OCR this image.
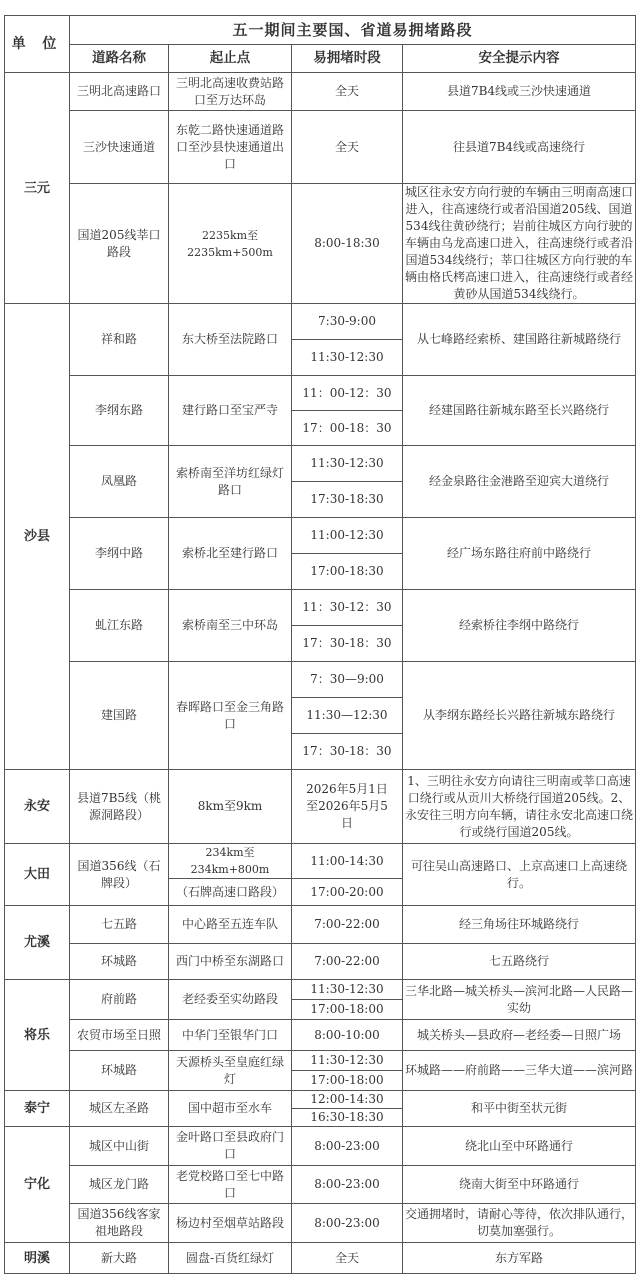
单 位	五一期间主要国、省道易拥堵路段			
	道路名称	起止点	易拥堵时段	安全提示内容
三元	三明北高速路口	三明北高速收费站路口至万达环岛	全天	县道7B4线或三沙快速通道
	三沙快速通道	东乾二路快速通道路口至沙县快速通道出口	全天	往县道7B4线或高速绕行
	国道205线莘口路段	2235km至2235km+500m	8:00-18:30	城区往永安方向行驶的车辆由三明南高速口进入，往高速绕行或者沿国道205线、国道534线往黄砂绕行；岩前往城区方向行驶的车辆由乌龙高速口进入，往高速绕行或者沿国道534线绕行；莘口往城区方向行驶的车辆由格氏栲高速口进入，往高速绕行或者经黄砂从国道534线绕行。
沙县	祥和路	东大桥至法院路口	7:30-9:00	从七峰路经索桥、建国路往新城路绕行
			11:30-12:30	
	李纲东路	建行路口至宝严寺	11：00-12：30	经建国路往新城东路至长兴路绕行
			17：00-18：30	
	凤凰路	索桥南至洋坊红绿灯路口	11:30-12:30	经金泉路往金港路至迎宾大道绕行
			17:30-18:30	
	李纲中路	索桥北至建行路口	11:00-12:30	经广场东路往府前中路绕行
			17:00-18:30	
	虬江东路	索桥南至三中环岛	11：30-12：30	经索桥往李纲中路绕行
			17：30-18：30	
	建国路	春晖路口至金三角路口	7：30—9:00	从李纲东路经长兴路往新城东路绕行
			11:30—12:30	
			17：30-18：30	
永安	县道7B5线（桃源洞路段）	8km至9km	2026年5月1日至2026年5月5日	1、三明往永安方向请往三明南或莘口高速口绕行或从贡川大桥绕行国道205线。2、永安往三明方向车辆，请往永安北高速口绕行或绕行国道205线。
大田	国道356线（石牌段）	234km至234km+800m	11:00-14:30	可往吴山高速路口、上京高速口上高速绕行。
		（石牌高速口路段）	17:00-20:00	
尤溪	七五路	中心路至五连车队	7:00-22:00	经三角场往环城路绕行
	环城路	西门中桥至东湖路口	7:00-22:00	七五路绕行
将乐	府前路	老经委至实幼路段	11:30-12:30	三华北路—城关桥头—滨河北路—人民路—实幼
			17:00-18:00	
	农贸市场至日照	中华门至银华门口	8:00-10:00	城关桥头—县政府—老经委—日照广场
	环城路	天源桥头至皇庭红绿灯	11:30-12:30	环城路——府前路——三华大道——滨河路
			17:00-18:00	
泰宁	城区左圣路	国中超市至水车	12:00-14:30	和平中街至状元街
			16:30-18:30	
宁化	城区中山街	金叶路口至县政府门口	8:00-23:00	绕北山至中环路通行
	城区龙门路	老党校路口至七中路口	8:00-23:00	绕南大街至中环路通行
	国道356线客家祖地路段	杨边村至烟草站路段	8:00-23:00	交通拥堵时，请耐心等待，依次排队通行，切莫加塞强行。
明溪	新大路	圆盘-百货红绿灯	全天	东方军路
